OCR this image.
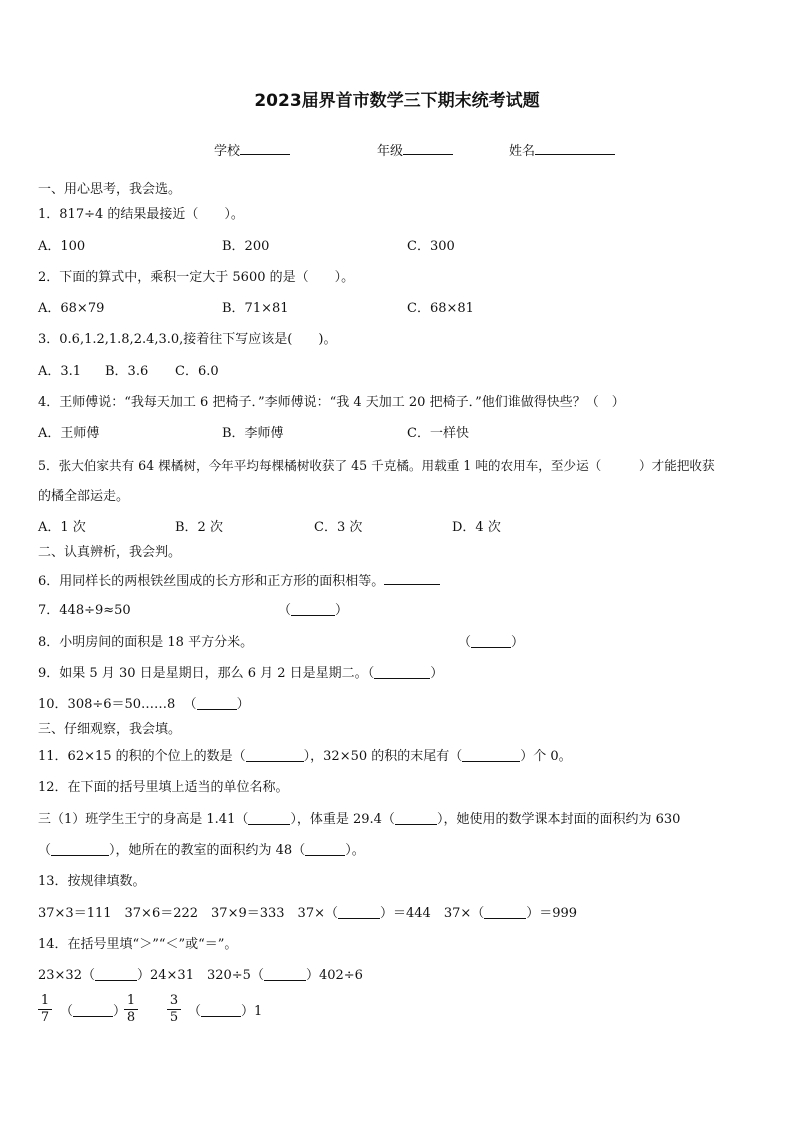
2023届界首市数学三下期末统考试题
学校	年级	姓名
一、用心思考，我会选。
1．817÷4 的结果最接近（　　）。
A．100	B．200	C．300
2．下面的算式中，乘积一定大于 5600 的是（　　）。
A．68×79	B．71×81	C．68×81
3．0.6,1.2,1.8,2.4,3.0,接着往下写应该是(　　)。
A．3.1 B．3.6 C．6.0
4．王师傅说：“我每天加工 6 把椅子．”李师傅说：“我 4 天加工 20 把椅子．”他们谁做得快些？（　）
A．王师傅	B．李师傅	C．一样快
5．张大伯家共有 64 棵橘树，今年平均每棵橘树收获了 45 千克橘。用载重 1 吨的农用车，至少运（　　　）才能把收获
的橘全部运走。
A．1 次	B．2 次	C．3 次	D．4 次
二、认真辨析，我会判。
6．用同样长的两根铁丝围成的长方形和正方形的面积相等。
7．448÷9≈50	（	）
8．小明房间的面积是 18 平方分米。	（	）
9．如果 5 月 30 日是星期日，那么 6 月 2 日是星期二。（	）
10．308÷6＝50……8 （	）
三、仔细观察，我会填。
11．62×15 的积的个位上的数是（	），32×50 的积的末尾有（	）个 0。
12．在下面的括号里填上适当的单位名称。
三（1）班学生王宁的身高是 1.41（	），体重是 29.4（	），她使用的数学课本封面的面积约为 630
（	），她所在的教室的面积约为 48（	）。
13．按规律填数。
37×3＝111　37×6＝222　37×9＝333　37×（	）＝444　37×（	）＝999
14．在括号里填“＞”“＜”或“＝”。
23×32（	）24×31　320÷5（	）402÷6
$\frac{1}{7}$ （	）
$\frac{1}{8} \frac{3}{5}$ （	）1
